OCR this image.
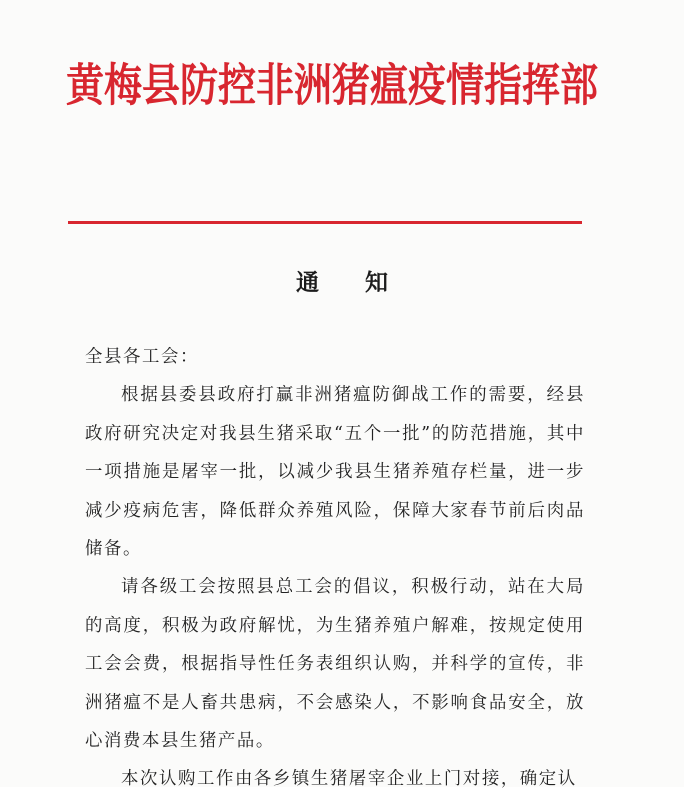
黄梅县防控非洲猪瘟疫情指挥部
通知

全县各工会：

根据县委县政府打赢非洲猪瘟防御战工作的需要，经县政府研究决定对我县生猪采取“五个一批”的防范措施，其中一项措施是屠宰一批，以减少我县生猪养殖存栏量，进一步减少疫病危害，降低群众养殖风险，保障大家春节前后肉品储备。

请各级工会按照县总工会的倡议，积极行动，站在大局的高度，积极为政府解忧，为生猪养殖户解难，按规定使用工会会费，根据指导性任务表组织认购，并科学的宣传，非洲猪瘟不是人畜共患病，不会感染人，不影响食品安全，放心消费本县生猪产品。

本次认购工作由各乡镇生猪屠宰企业上门对接，确定认
